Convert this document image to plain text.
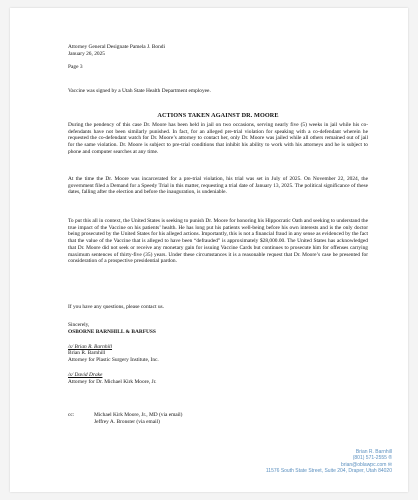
Attorney General Designate Pamela J. Bondi

January 26, 2025

Page 3

Vaccine was signed by a Utah State Health Department employee.

ACTIONS TAKEN AGAINST DR. MOORE

During the pendency of this case Dr. Moore has been held in jail on two occasions, serving nearly five (5) weeks in jail while his co-defendants have not been similarly punished. In fact, for an alleged pre-trial violation for speaking with a co-defendant wherein he requested the co-defendant watch for Dr. Moore’s attorney to contact her, only Dr. Moore was jailed while all others remained out of jail for the same violation. Dr. Moore is subject to pre-trial conditions that inhibit his ability to work with his attorneys and he is subject to phone and computer searches at any time.

At the time the Dr. Moore was incarcerated for a pre-trial violation, his trial was set in July of 2025. On November 22, 2024, the government filed a Demand for a Speedy Trial in this matter, requesting a trial date of January 13, 2025. The political significance of these dates, falling after the election and before the inauguration, is undeniable.

To put this all in context, the United States is seeking to punish Dr. Moore for honoring his Hippocratic Oath and seeking to understand the true impact of the Vaccine on his patients’ health. He has long put his patients well-being before his own interests and is the only doctor being prosecuted by the United States for his alleged actions. Importantly, this is not a financial fraud in any sense as evidenced by the fact that the value of the Vaccine that is alleged to have been “defrauded” is approximately $28,000.00. The United States has acknowledged that Dr. Moore did not seek or receive any monetary gain for issuing Vaccine Cards but continues to prosecute him for offenses carrying maximum sentences of thirty-five (35) years. Under these circumstances it is a reasonable request that Dr. Moore’s case be presented for consideration of a prospective presidential pardon.

If you have any questions, please contact us.

Sincerely,

OSBORNE BARNHILL & BARFUSS

/s/ Brian R. Barnhill

Brian R. Barnhill

Attorney for Plastic Surgery Institute, Inc.

/s/ David Drake

Attorney for Dr. Michael Kirk Moore, Jr.

cc:	Michael Kirk Moore, Jr., MD (via email)
Jeffrey A. Bronster (via email)
Brian R. Barnhill
(801) 571-2555 ®
brian@oblawpc.com ✉
11576 South State Street, Suite 204, Draper, Utah 84020
